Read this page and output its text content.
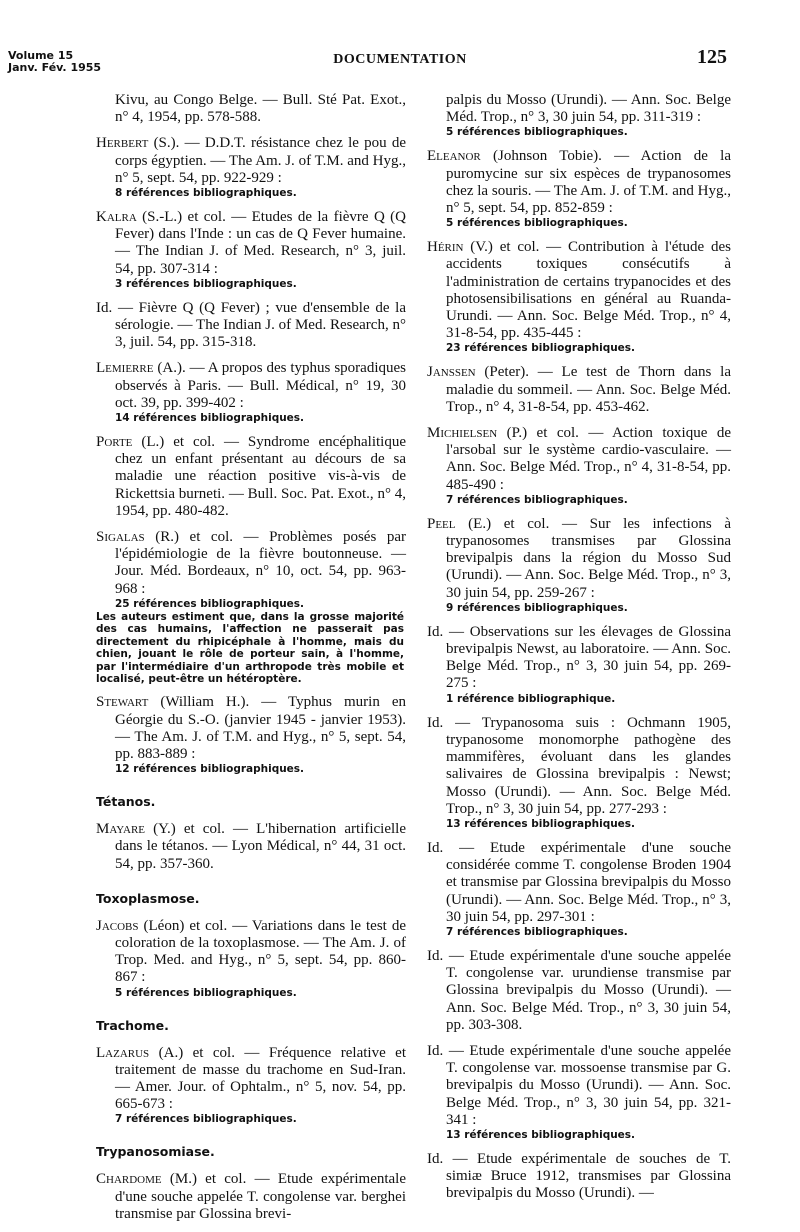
Volume 15
Janv. Fév. 1955
DOCUMENTATION	125

Kivu, au Congo Belge. — Bull. Sté Pat. Exot., n° 4, 1954, pp. 578-588.

Herbert (S.). — D.D.T. résistance chez le pou de corps égyptien. — The Am. J. of T.M. and Hyg., n° 5, sept. 54, pp. 922-929 :

8 références bibliographiques.

Kalra (S.-L.) et col. — Etudes de la fièvre Q (Q Fever) dans l'Inde : un cas de Q Fever humaine. — The Indian J. of Med. Research, n° 3, juil. 54, pp. 307-314 :

3 références bibliographiques.

Id. — Fièvre Q (Q Fever) ; vue d'ensemble de la sérologie. — The Indian J. of Med. Research, n° 3, juil. 54, pp. 315-318.

Lemierre (A.). — A propos des typhus sporadiques observés à Paris. — Bull. Médical, n° 19, 30 oct. 39, pp. 399-402 :

14 références bibliographiques.

Porte (L.) et col. — Syndrome encéphalitique chez un enfant présentant au décours de sa maladie une réaction positive vis-à-vis de Rickettsia burneti. — Bull. Soc. Pat. Exot., n° 4, 1954, pp. 480-482.

Sigalas (R.) et col. — Problèmes posés par l'épidémiologie de la fièvre boutonneuse. — Jour. Méd. Bordeaux, n° 10, oct. 54, pp. 963-968 :

25 références bibliographiques.

Les auteurs estiment que, dans la grosse majorité des cas humains, l'affection ne passerait pas directement du rhipicéphale à l'homme, mais du chien, jouant le rôle de porteur sain, à l'homme, par l'intermédiaire d'un arthropode très mobile et localisé, peut-être un hétéroptère.

Stewart (William H.). — Typhus murin en Géorgie du S.-O. (janvier 1945 - janvier 1953). — The Am. J. of T.M. and Hyg., n° 5, sept. 54, pp. 883-889 :

12 références bibliographiques.

Tétanos.

Mayare (Y.) et col. — L'hibernation artificielle dans le tétanos. — Lyon Médical, n° 44, 31 oct. 54, pp. 357-360.

Toxoplasmose.

Jacobs (Léon) et col. — Variations dans le test de coloration de la toxoplasmose. — The Am. J. of Trop. Med. and Hyg., n° 5, sept. 54, pp. 860-867 :

5 références bibliographiques.

Trachome.

Lazarus (A.) et col. — Fréquence relative et traitement de masse du trachome en Sud-Iran. — Amer. Jour. of Ophtalm., n° 5, nov. 54, pp. 665-673 :

7 références bibliographiques.

Trypanosomiase.

Chardome (M.) et col. — Etude expérimentale d'une souche appelée T. congolense var. berghei transmise par Glossina brevi-

palpis du Mosso (Urundi). — Ann. Soc. Belge Méd. Trop., n° 3, 30 juin 54, pp. 311-319 :

5 références bibliographiques.

Eleanor (Johnson Tobie). — Action de la puromycine sur six espèces de trypanosomes chez la souris. — The Am. J. of T.M. and Hyg., n° 5, sept. 54, pp. 852-859 :

5 références bibliographiques.

Hérin (V.) et col. — Contribution à l'étude des accidents toxiques consécutifs à l'administration de certains trypanocides et des photosensibilisations en général au Ruanda-Urundi. — Ann. Soc. Belge Méd. Trop., n° 4, 31-8-54, pp. 435-445 :

23 références bibliographiques.

Janssen (Peter). — Le test de Thorn dans la maladie du sommeil. — Ann. Soc. Belge Méd. Trop., n° 4, 31-8-54, pp. 453-462.

Michielsen (P.) et col. — Action toxique de l'arsobal sur le système cardio-vasculaire. — Ann. Soc. Belge Méd. Trop., n° 4, 31-8-54, pp. 485-490 :

7 références bibliographiques.

Peel (E.) et col. — Sur les infections à trypanosomes transmises par Glossina brevipalpis dans la région du Mosso Sud (Urundi). — Ann. Soc. Belge Méd. Trop., n° 3, 30 juin 54, pp. 259-267 :

9 références bibliographiques.

Id. — Observations sur les élevages de Glossina brevipalpis Newst, au laboratoire. — Ann. Soc. Belge Méd. Trop., n° 3, 30 juin 54, pp. 269-275 :

1 référence bibliographique.

Id. — Trypanosoma suis : Ochmann 1905, trypanosome monomorphe pathogène des mammifères, évoluant dans les glandes salivaires de Glossina brevipalpis : Newst; Mosso (Urundi). — Ann. Soc. Belge Méd. Trop., n° 3, 30 juin 54, pp. 277-293 :

13 références bibliographiques.

Id. — Etude expérimentale d'une souche considérée comme T. congolense Broden 1904 et transmise par Glossina brevipalpis du Mosso (Urundi). — Ann. Soc. Belge Méd. Trop., n° 3, 30 juin 54, pp. 297-301 :

7 références bibliographiques.

Id. — Etude expérimentale d'une souche appelée T. congolense var. urundiense transmise par Glossina brevipalpis du Mosso (Urundi). — Ann. Soc. Belge Méd. Trop., n° 3, 30 juin 54, pp. 303-308.

Id. — Etude expérimentale d'une souche appelée T. congolense var. mossoense transmise par G. brevipalpis du Mosso (Urundi). — Ann. Soc. Belge Méd. Trop., n° 3, 30 juin 54, pp. 321-341 :

13 références bibliographiques.

Id. — Etude expérimentale de souches de T. simiæ Bruce 1912, transmises par Glossina brevipalpis du Mosso (Urundi). —
